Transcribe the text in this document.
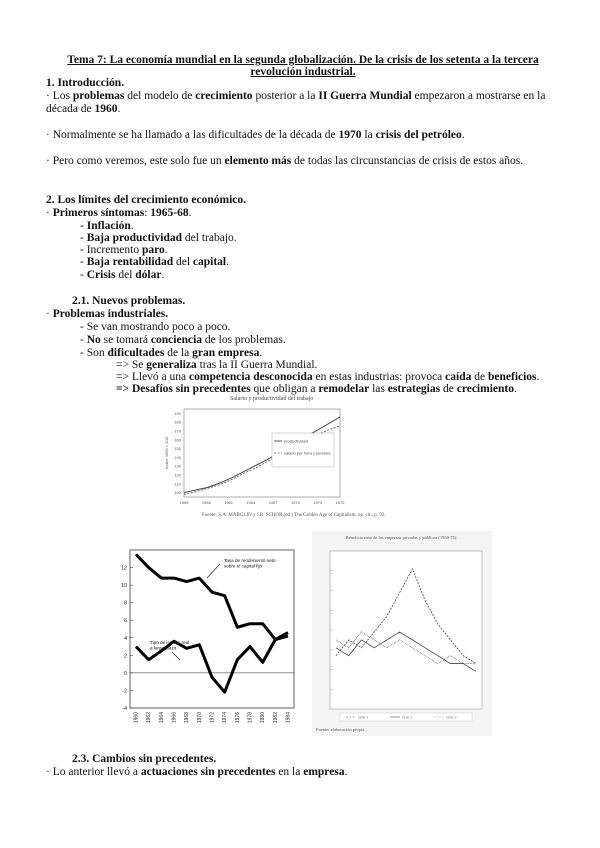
Tema 7: La economía mundial en la segunda globalización. De la crisis de los setenta a la tercera revolución industrial.
1. Introducción.
· Los problemas del modelo de crecimiento posterior a la II Guerra Mundial empezaron a mostrarse en la
década de 1960.
· Normalmente se ha llamado a las dificultades de la década de 1970 la crisis del petróleo.
· Pero como veremos, este solo fue un elemento más de todas las circunstancias de crisis de estos años.
2. Los límites del crecimiento económico.
· Primeros síntomas: 1965-68.
- Inflación.
- Baja productividad del trabajo.
- Incremento paro.
- Baja rentabilidad del capital.
- Crisis del dólar.
2.1. Nuevos problemas.
· Problemas industriales.
- Se van mostrando poco a poco.
- No se tomará conciencia de los problemas.
- Son dificultades de la gran empresa.
=> Se generaliza tras la II Guerra Mundial.
=> Llevó a una competencia desconocida en estas industrias: provoca caída de beneficios.
=> Desafíos sin precedentes que obligan a remodelar las estrategias de crecimiento.
Salario y productividad del trabajo
100
110
120
130
140
150
160
170
180
190
1955	1958	1961	1964	1967	1970	1973	1976
Índice 1955 = 100	productividad
salario por hora y persona
Fuente: S.A. MARGLIN y J.B. SCHOR (ed.) The Golden Age of Capitalism, op. cit., p. 93.
-4
-2
0
2
4
6
8
10
12
1960 1962 1964 1966 1968 1970 1972 1974 1976 1978 1980 1982 1984
Tasa de rendimiento neto sobre el capital fijo
Tipo de interés real a largo plazo
serie 1	serie 2	serie 3
Beneficio neto de las empresas privadas y públicas (1950-75)
Fuente: elaboración propia.
2.3. Cambios sin precedentes.
· Lo anterior llevó a actuaciones sin precedentes en la empresa.
